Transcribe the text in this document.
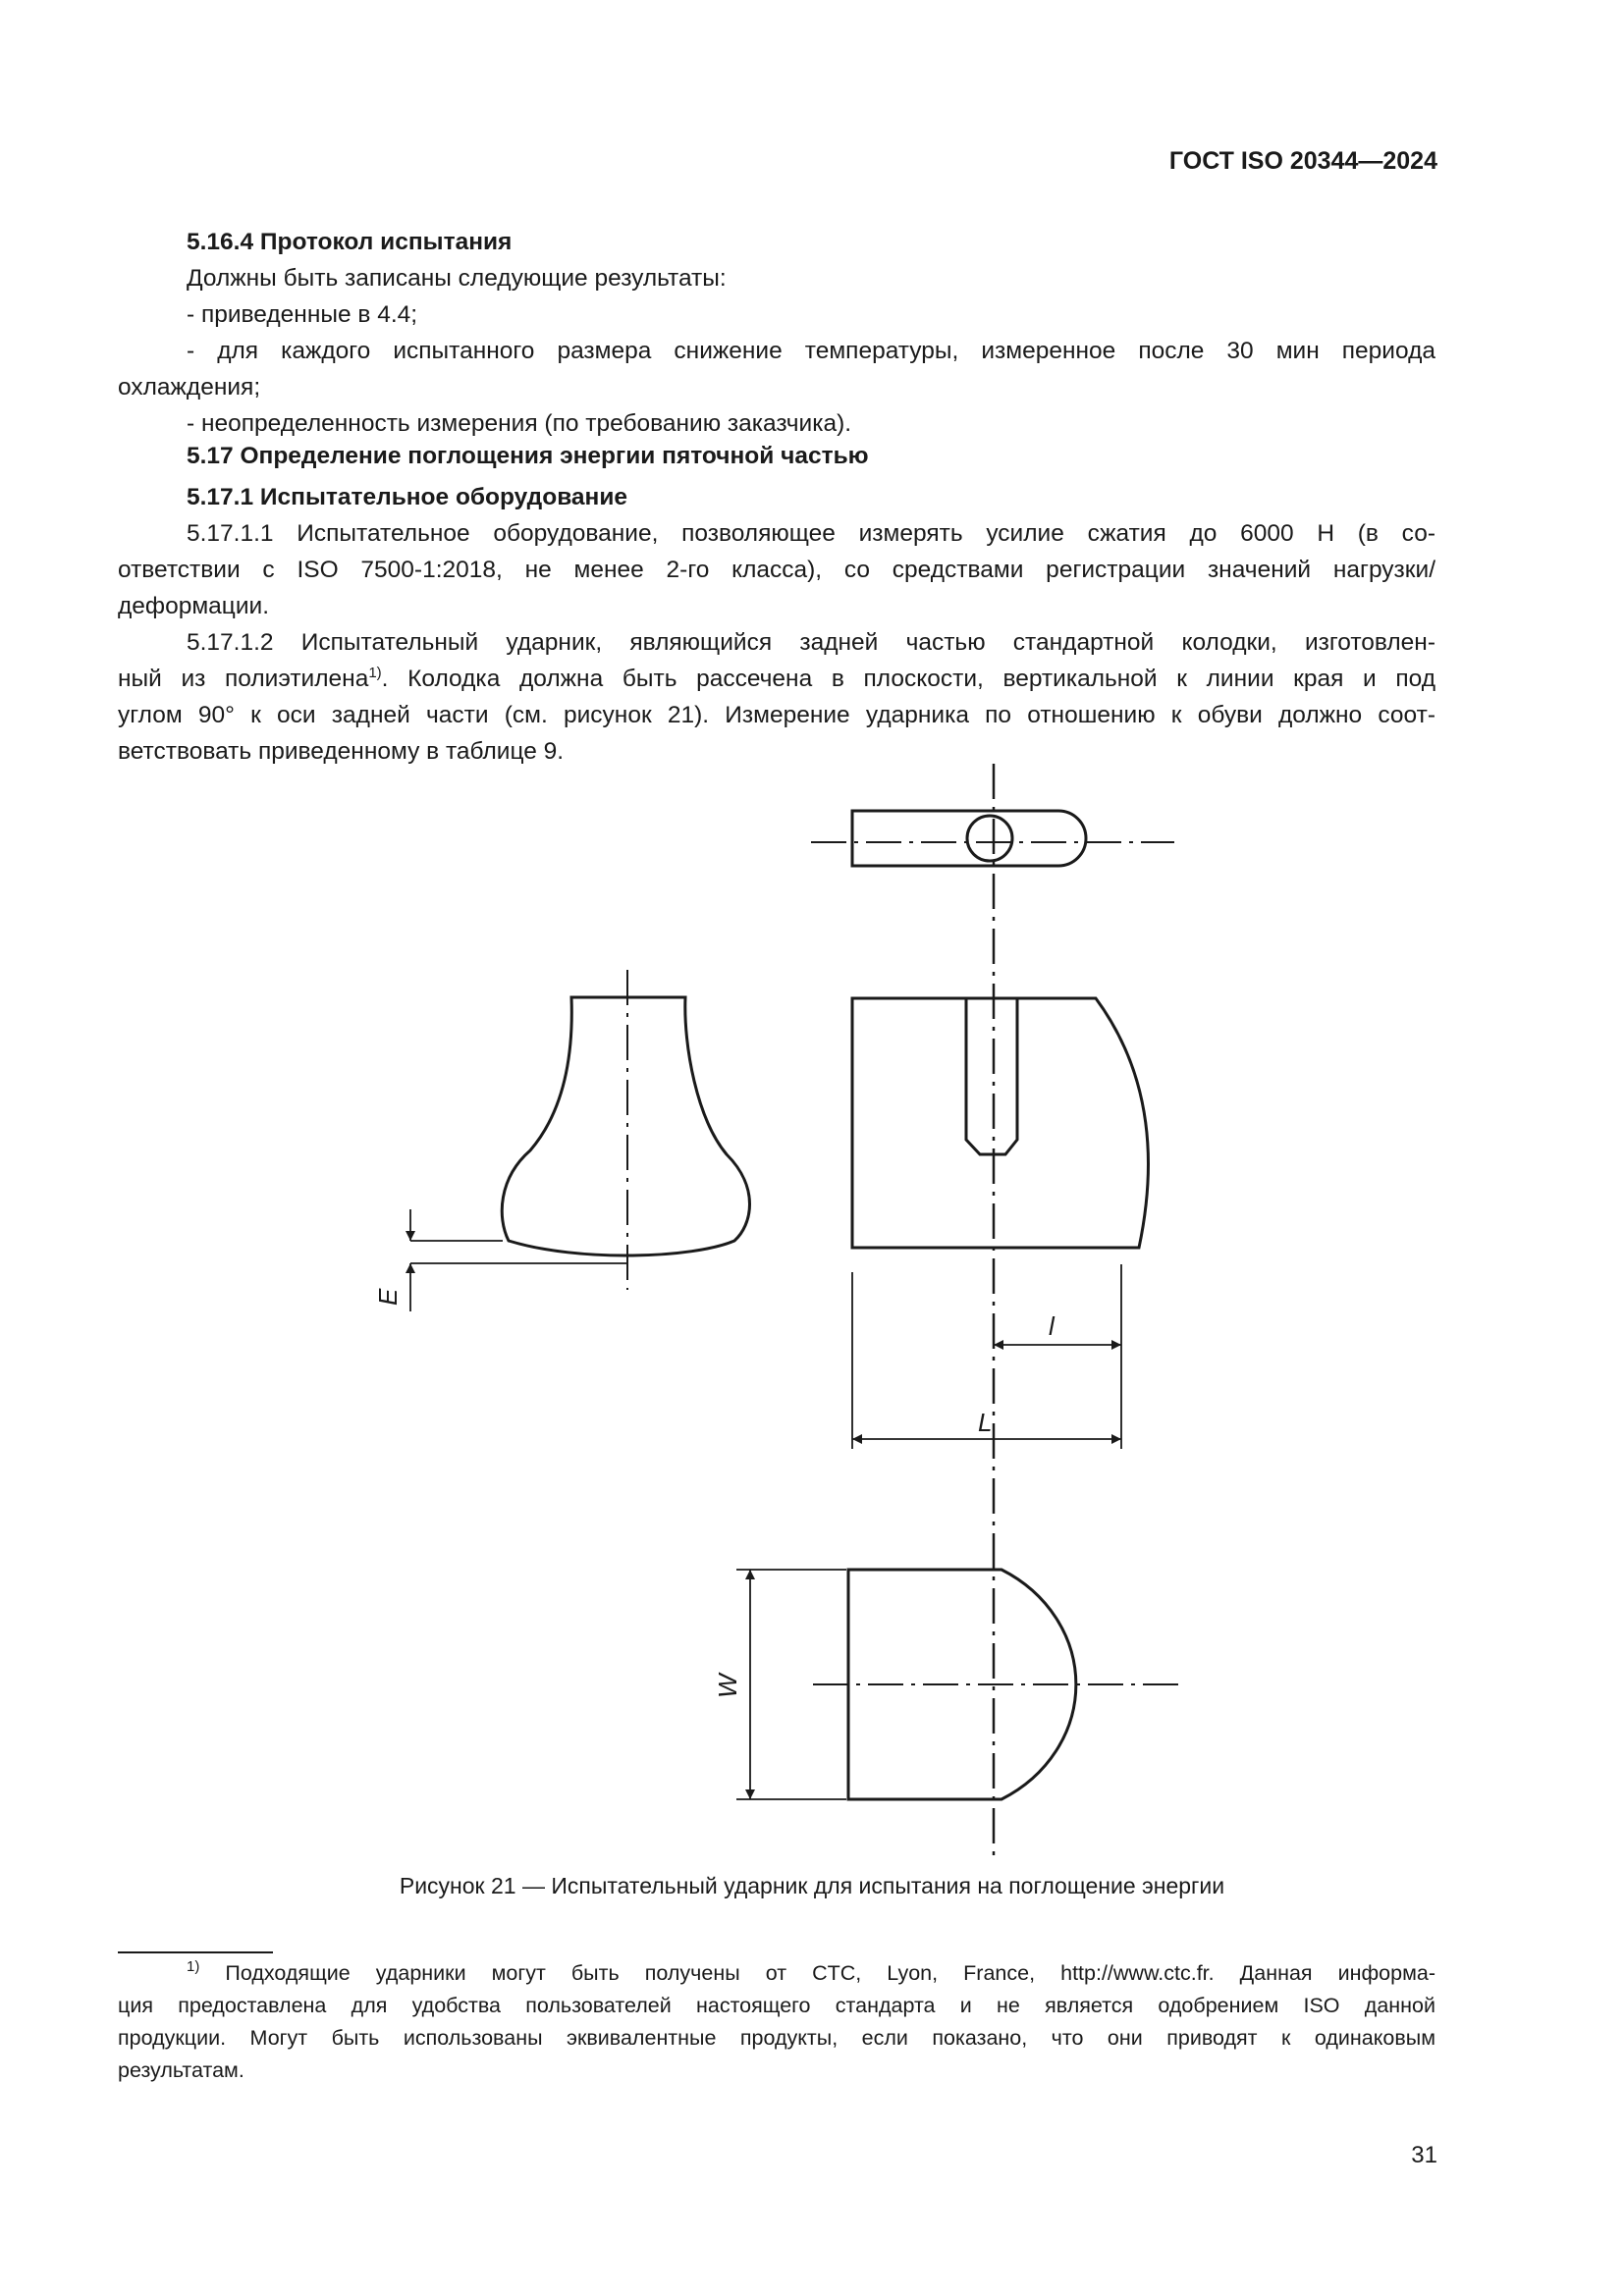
ГОСТ ISO 20344—2024
5.16.4 Протокол испытания
Должны быть записаны следующие результаты:
- приведенные в 4.4;
- для каждого испытанного размера снижение температуры, измеренное после 30 мин периода
охлаждения;
- неопределенность измерения (по требованию заказчика).
5.17 Определение поглощения энергии пяточной частью
5.17.1 Испытательное оборудование
5.17.1.1 Испытательное оборудование, позволяющее измерять усилие сжатия до 6000 Н (в со-
ответствии с ISO 7500-1:2018, не менее 2-го класса), со средствами регистрации значений нагрузки/
деформации.
5.17.1.2 Испытательный ударник, являющийся задней частью стандартной колодки, изготовлен-
ный из полиэтилена$^{1)}$. Колодка должна быть рассечена в плоскости, вертикальной к линии края и под
углом 90° к оси задней части (см. рисунок 21). Измерение ударника по отношению к обуви должно соот-
ветствовать приведенному в таблице 9.
E
l
L
W
Рисунок 21 — Испытательный ударник для испытания на поглощение энергии
$^{1)}$ Подходящие ударники могут быть получены от CTC, Lyon, France, http://www.ctc.fr. Данная информа-
ция предоставлена для удобства пользователей настоящего стандарта и не является одобрением ISO данной
продукции. Могут быть использованы эквивалентные продукты, если показано, что они приводят к одинаковым
результатам.
31
